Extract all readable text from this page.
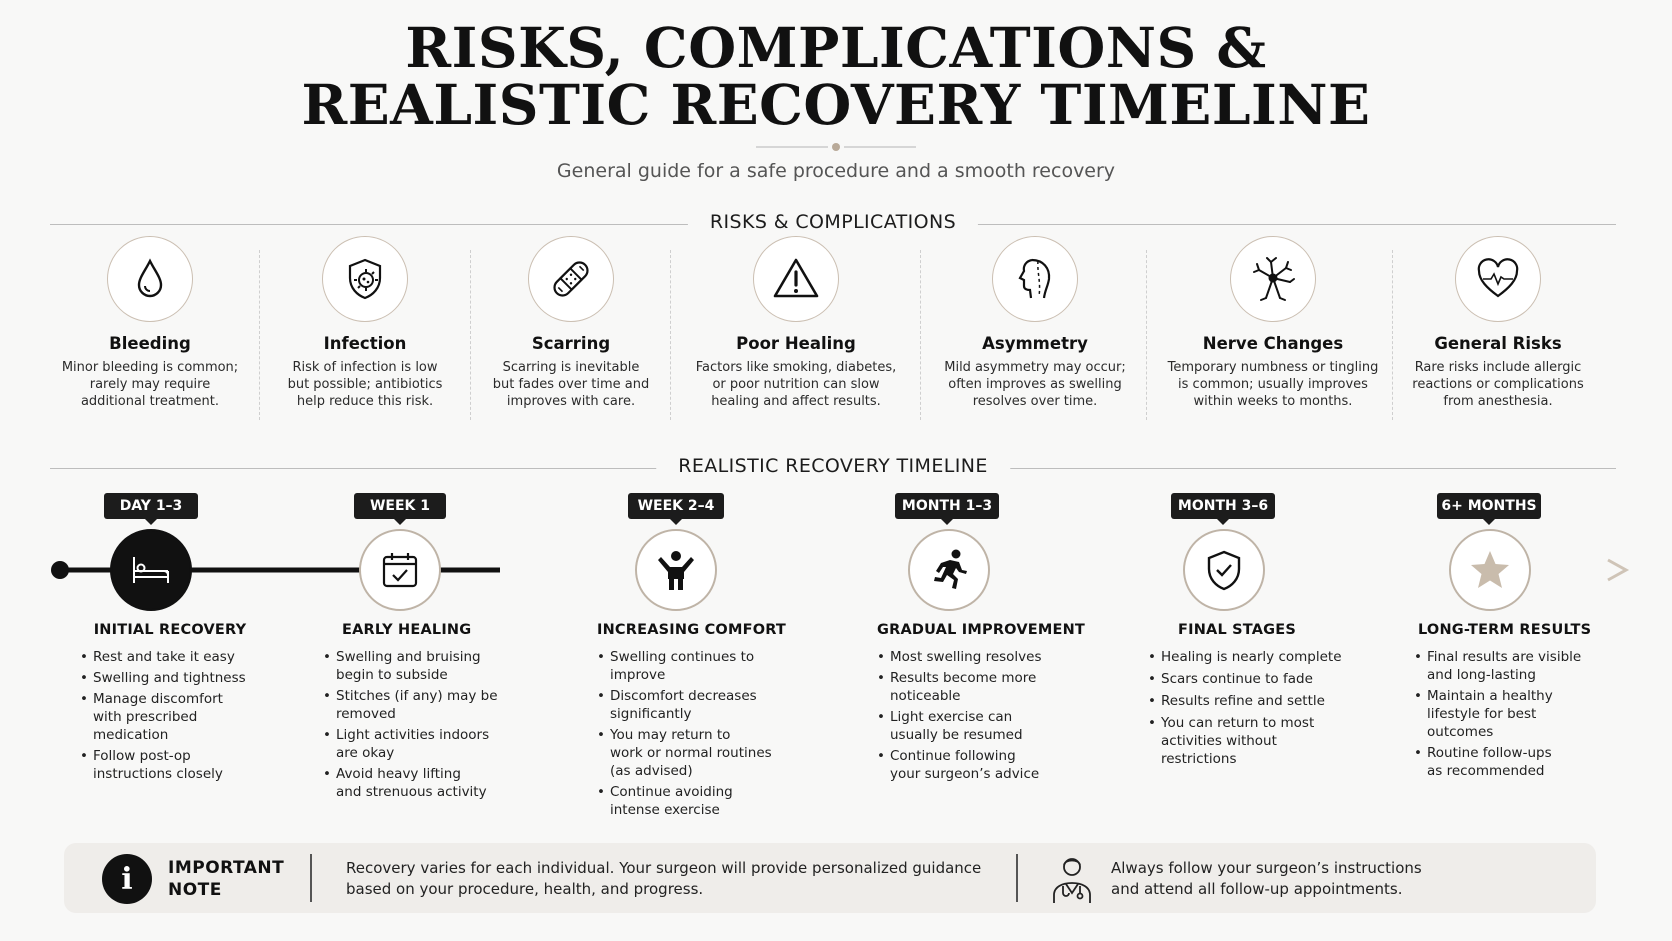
RISKS, COMPLICATIONS &
REALISTIC RECOVERY TIMELINE
General guide for a safe procedure and a smooth recovery
RISKS & COMPLICATIONS
Bleeding
Minor bleeding is common;
rarely may require
additional treatment.
Infection
Risk of infection is low
but possible; antibiotics
help reduce this risk.
Scarring
Scarring is inevitable
but fades over time and
improves with care.
Poor Healing
Factors like smoking, diabetes,
or poor nutrition can slow
healing and affect results.
Asymmetry
Mild asymmetry may occur;
often improves as swelling
resolves over time.
Nerve Changes
Temporary numbness or tingling
is common; usually improves
within weeks to months.
General Risks
Rare risks include allergic
reactions or complications
from anesthesia.
REALISTIC RECOVERY TIMELINE
DAY 1–3	WEEK 1	WEEK 2–4	MONTH 1–3	MONTH 3–6	6+ MONTHS
INITIAL RECOVERY
• Rest and take it easy
• Swelling and tightness
• Manage discomfort
with prescribed
medication
• Follow post-op
instructions closely
EARLY HEALING
• Swelling and bruising
begin to subside
• Stitches (if any) may be
removed
• Light activities indoors
are okay
• Avoid heavy lifting
and strenuous activity
INCREASING COMFORT
• Swelling continues to
improve
• Discomfort decreases
significantly
• You may return to
work or normal routines
(as advised)
• Continue avoiding
intense exercise
GRADUAL IMPROVEMENT
• Most swelling resolves
• Results become more
noticeable
• Light exercise can
usually be resumed
• Continue following
your surgeon’s advice
FINAL STAGES
• Healing is nearly complete
• Scars continue to fade
• Results refine and settle
• You can return to most
activities without
restrictions
LONG-TERM RESULTS
• Final results are visible
and long-lasting
• Maintain a healthy
lifestyle for best
outcomes
• Routine follow-ups
as recommended
i	IMPORTANT
NOTE
Recovery varies for each individual. Your surgeon will provide personalized guidance
based on your procedure, health, and progress.
Always follow your surgeon’s instructions
and attend all follow-up appointments.
